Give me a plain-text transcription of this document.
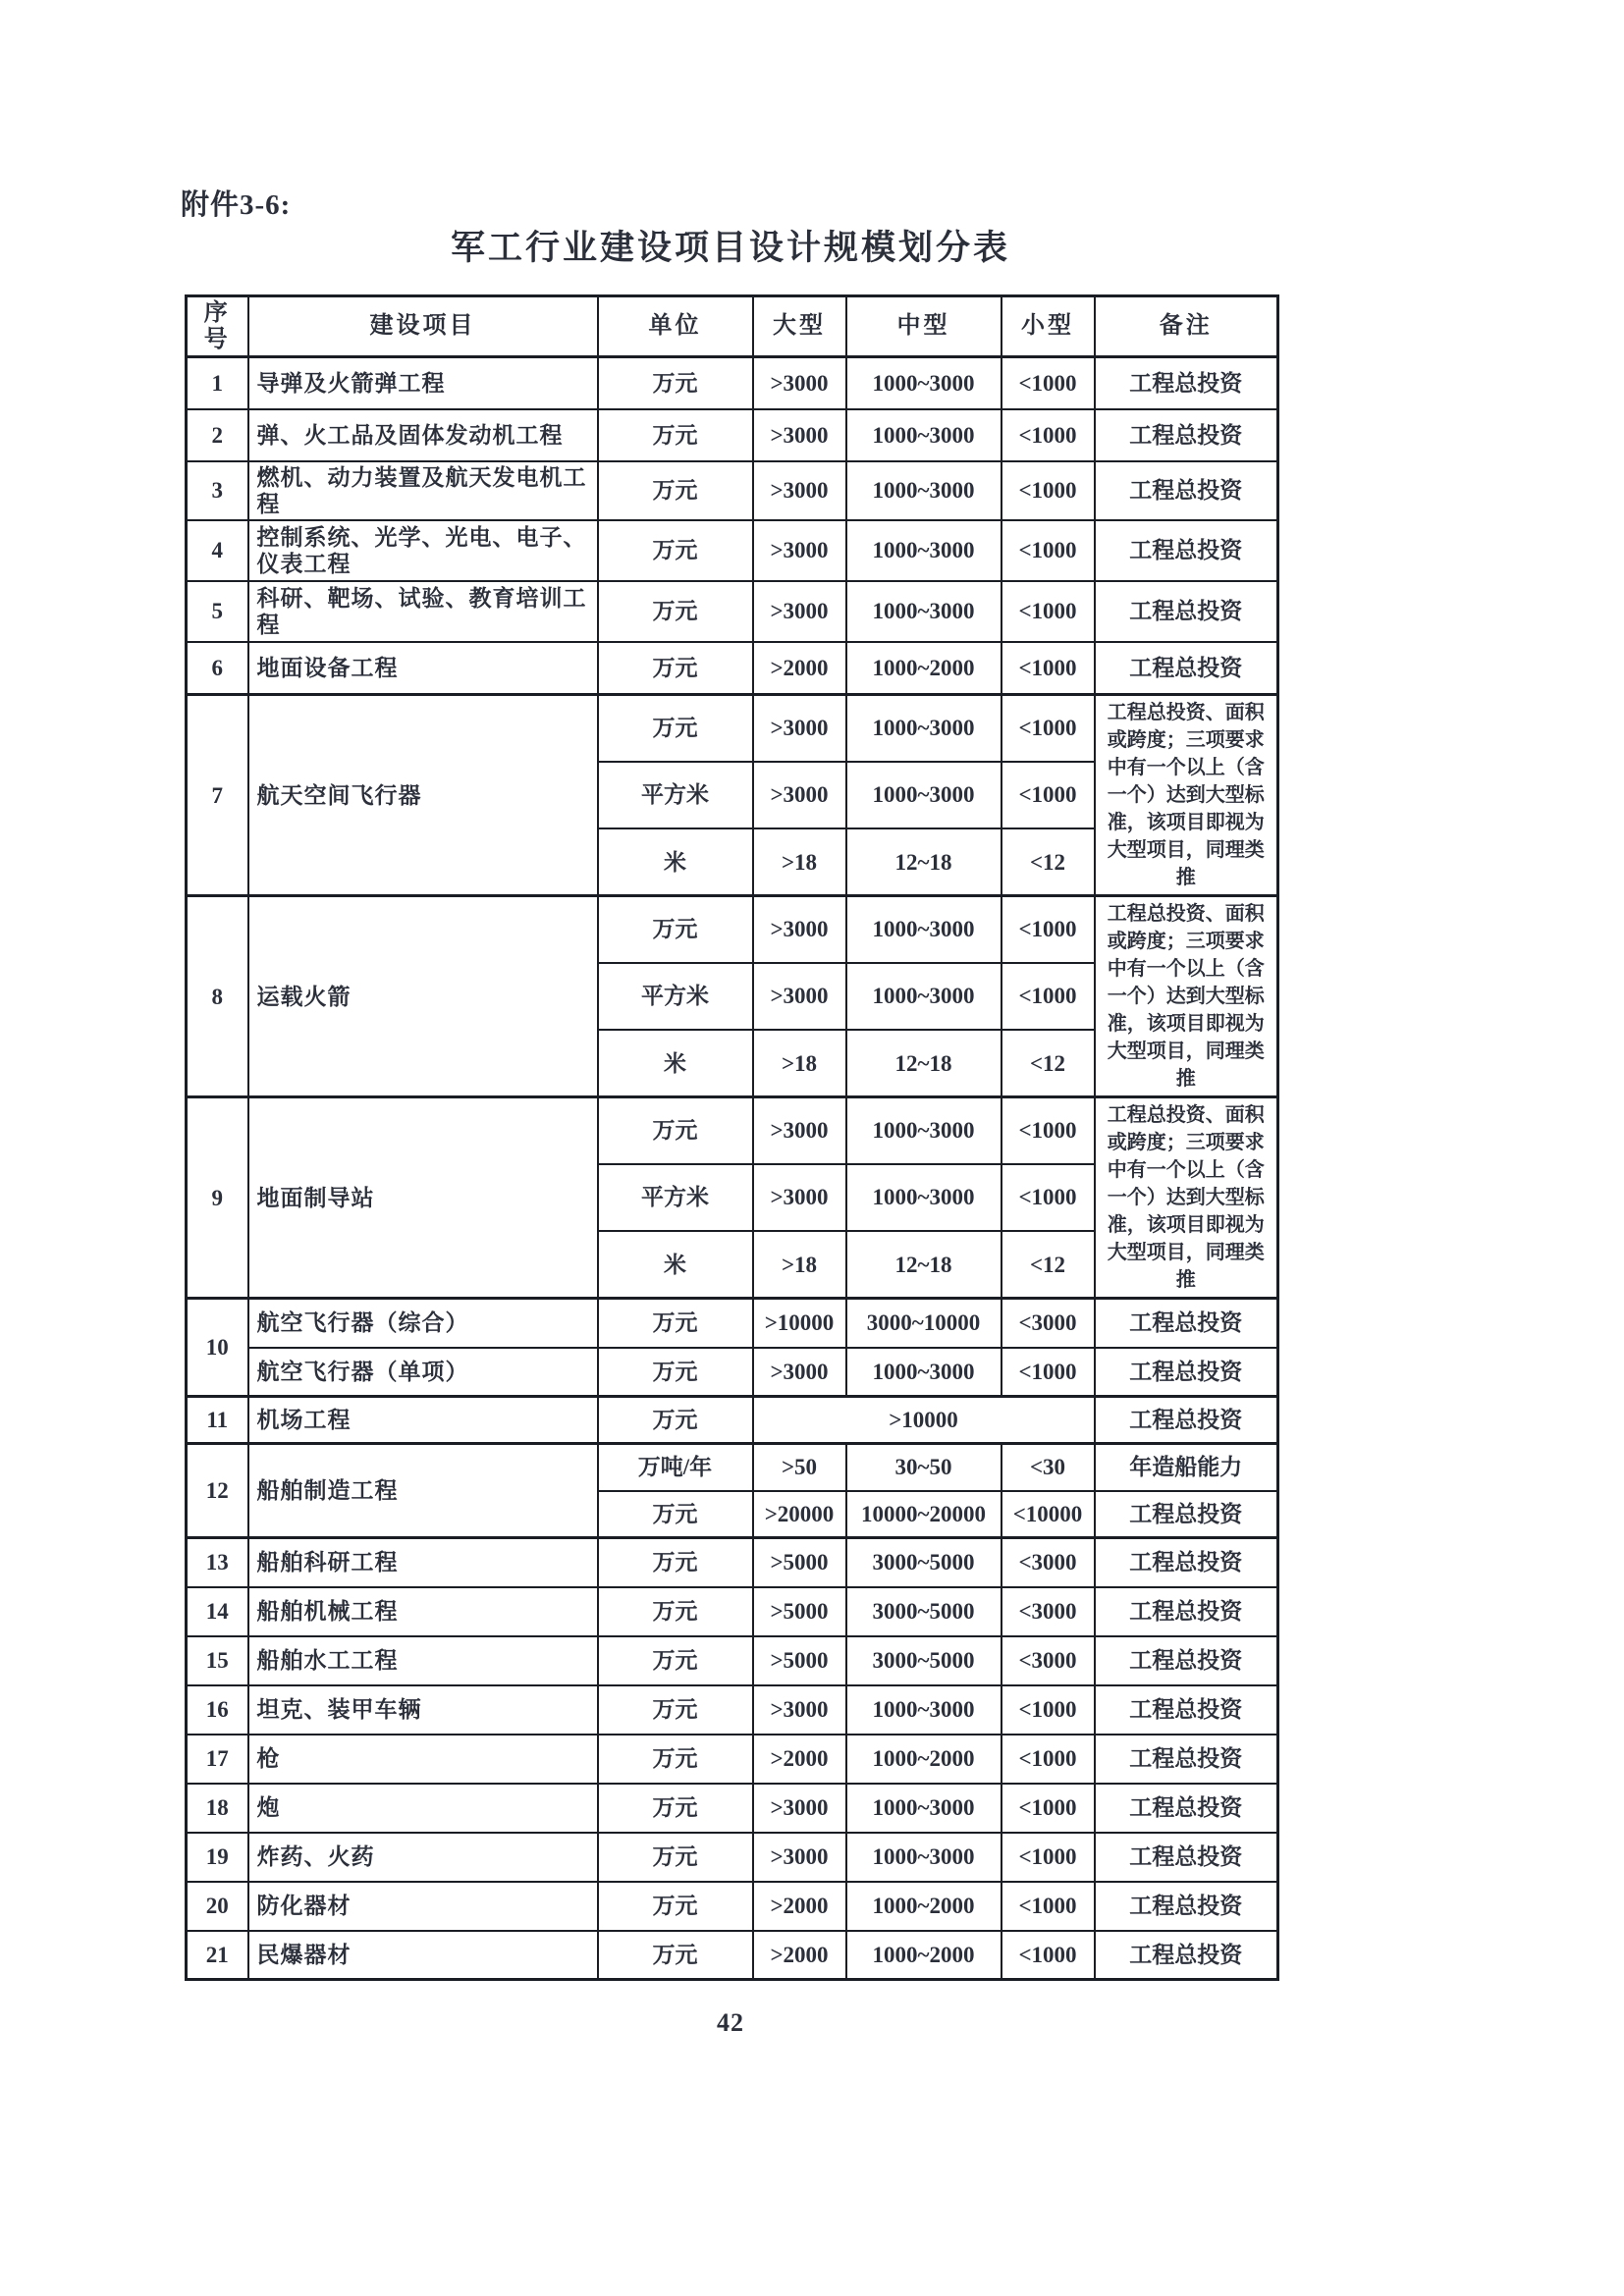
附件3-6:
军工行业建设项目设计规模划分表
序号	建设项目	单位	大型	中型	小型	备注
1	导弹及火箭弹工程	万元	>3000	1000~3000	<1000	工程总投资
2	弹、火工品及固体发动机工程	万元	>3000	1000~3000	<1000	工程总投资
3	燃机、动力装置及航天发电机工程	万元	>3000	1000~3000	<1000	工程总投资
4	控制系统、光学、光电、电子、仪表工程	万元	>3000	1000~3000	<1000	工程总投资
5	科研、靶场、试验、教育培训工程	万元	>3000	1000~3000	<1000	工程总投资
6	地面设备工程	万元	>2000	1000~2000	<1000	工程总投资
7	航天空间飞行器	万元	>3000	1000~3000	<1000	工程总投资、面积或跨度；三项要求中有一个以上（含一个）达到大型标准，该项目即视为大型项目，同理类推
		平方米	>3000	1000~3000	<1000	
		米	>18	12~18	<12	
8	运载火箭	万元	>3000	1000~3000	<1000	工程总投资、面积或跨度；三项要求中有一个以上（含一个）达到大型标准，该项目即视为大型项目，同理类推
		平方米	>3000	1000~3000	<1000	
		米	>18	12~18	<12	
9	地面制导站	万元	>3000	1000~3000	<1000	工程总投资、面积或跨度；三项要求中有一个以上（含一个）达到大型标准，该项目即视为大型项目，同理类推
		平方米	>3000	1000~3000	<1000	
		米	>18	12~18	<12	
10	航空飞行器（综合）	万元	>10000	3000~10000	<3000	工程总投资
	航空飞行器（单项）	万元	>3000	1000~3000	<1000	工程总投资
11	机场工程	万元	>10000			工程总投资
12	船舶制造工程	万吨/年	>50	30~50	<30	年造船能力
		万元	>20000	10000~20000	<10000	工程总投资
13	船舶科研工程	万元	>5000	3000~5000	<3000	工程总投资
14	船舶机械工程	万元	>5000	3000~5000	<3000	工程总投资
15	船舶水工工程	万元	>5000	3000~5000	<3000	工程总投资
16	坦克、装甲车辆	万元	>3000	1000~3000	<1000	工程总投资
17	枪	万元	>2000	1000~2000	<1000	工程总投资
18	炮	万元	>3000	1000~3000	<1000	工程总投资
19	炸药、火药	万元	>3000	1000~3000	<1000	工程总投资
20	防化器材	万元	>2000	1000~2000	<1000	工程总投资
21	民爆器材	万元	>2000	1000~2000	<1000	工程总投资
42
